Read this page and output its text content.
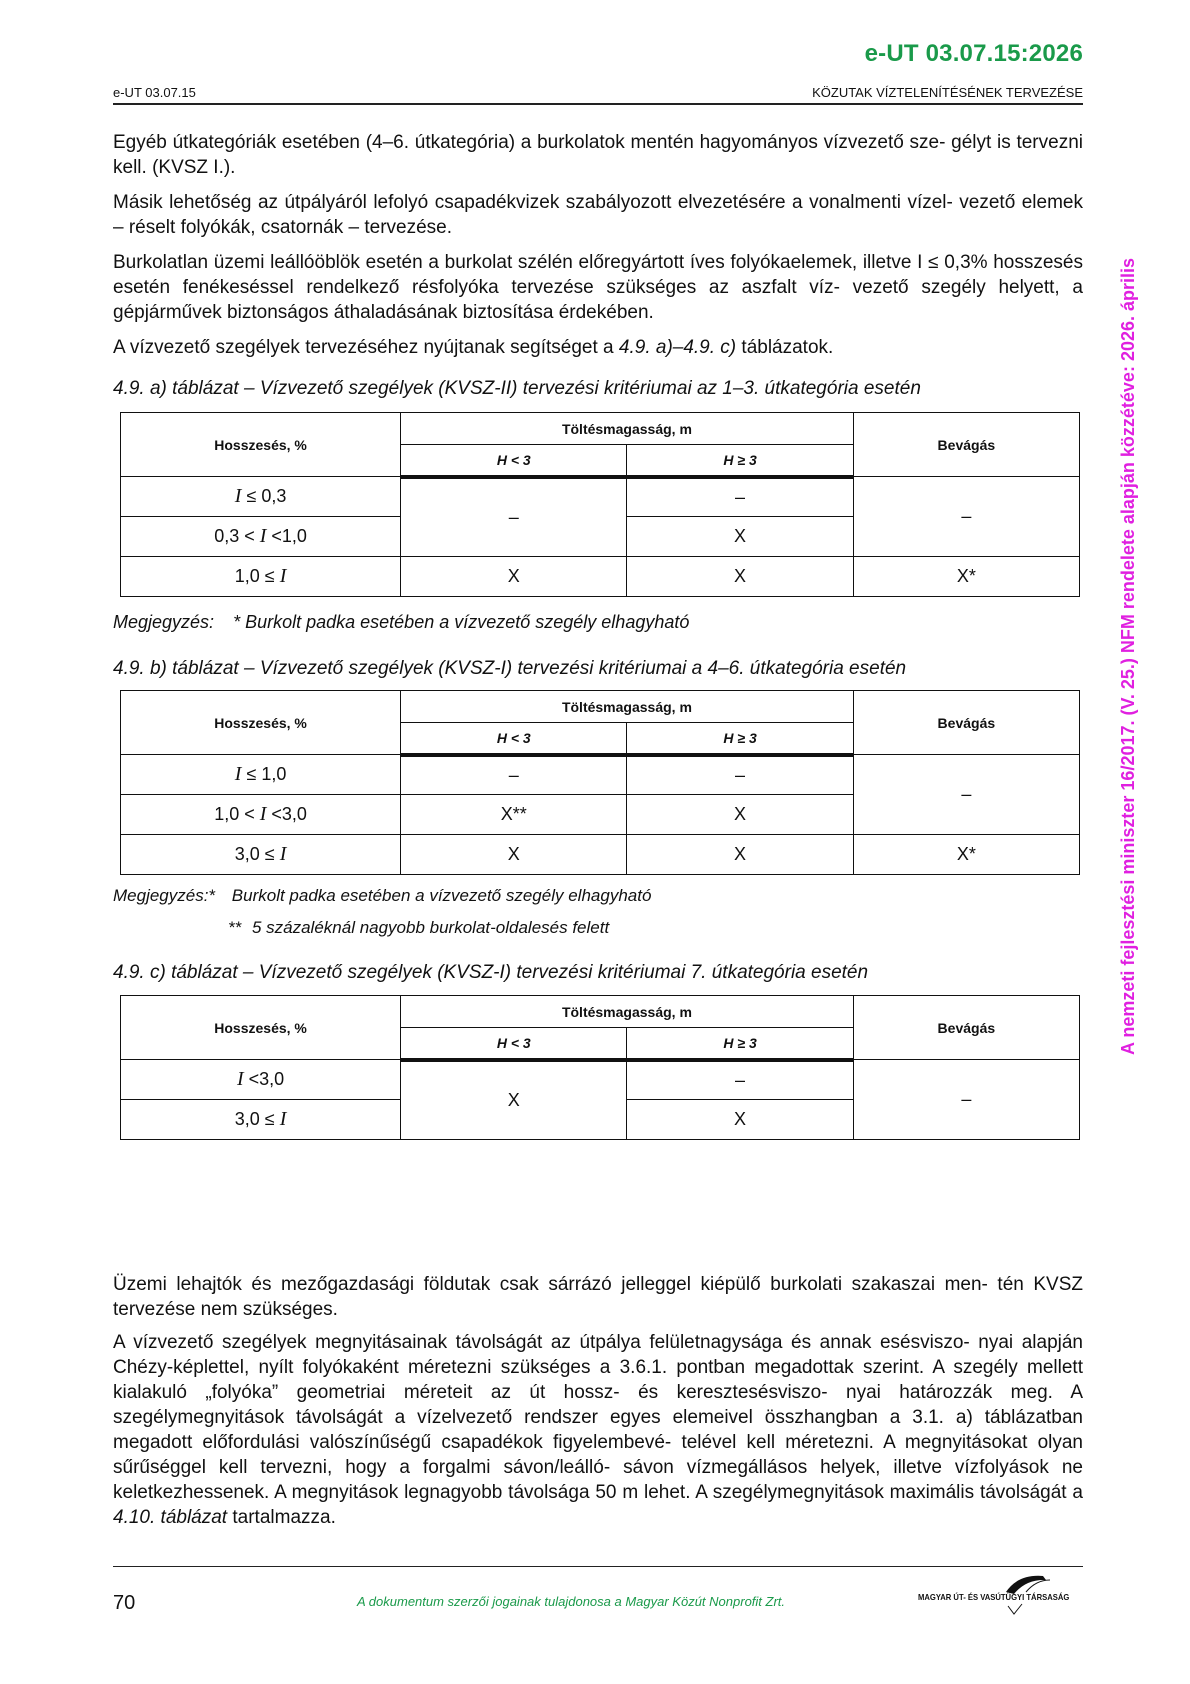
e-UT 03.07.15:2026
e-UT 03.07.15	KÖZUTAK VÍZTELENÍTÉSÉNEK TERVEZÉSE
A nemzeti fejlesztési miniszter 16/2017. (V. 25.) NFM rendelete alapján közzétéve: 2026. április

Egyéb útkategóriák esetében (4–6. útkategória) a burkolatok mentén hagyományos vízvezető sze- gélyt is tervezni kell. (KVSZ I.).

Másik lehetőség az útpályáról lefolyó csapadékvizek szabályozott elvezetésére a vonalmenti vízel- vezető elemek – réselt folyókák, csatornák – tervezése.

Burkolatlan üzemi leállóöblök esetén a burkolat szélén előregyártott íves folyókaelemek, illetve I ≤ 0,3% hosszesés esetén fenékeséssel rendelkező résfolyóka tervezése szükséges az aszfalt víz- vezető szegély helyett, a gépjárművek biztonságos áthaladásának biztosítása érdekében.

A vízvezető szegélyek tervezéséhez nyújtanak segítséget a 4.9. a)–4.9. c) táblázatok.

4.9. a) táblázat – Vízvezető szegélyek (KVSZ-II) tervezési kritériumai az 1–3. útkategória esetén
Hosszesés, %	Töltésmagasság, m		Bevágás
	H < 3	H ≥ 3	
I ≤ 0,3	–	–	–
0,3 < I <1,0		X	
1,0 ≤ I	X	X	X*
Megjegyzés: * Burkolt padka esetében a vízvezető szegély elhagyható
4.9. b) táblázat – Vízvezető szegélyek (KVSZ-I) tervezési kritériumai a 4–6. útkategória esetén
Hosszesés, %	Töltésmagasság, m		Bevágás
	H < 3	H ≥ 3	
I ≤ 1,0	–	–	–
1,0 < I <3,0	X**	X	
3,0 ≤ I	X	X	X*
Megjegyzés:* Burkolt padka esetében a vízvezető szegély elhagyható
** 5 százaléknál nagyobb burkolat-oldalesés felett
4.9. c) táblázat – Vízvezető szegélyek (KVSZ-I) tervezési kritériumai 7. útkategória esetén
Hosszesés, %	Töltésmagasság, m		Bevágás
	H < 3	H ≥ 3	
I <3,0	X	–	–
3,0 ≤ I		X	

Üzemi lehajtók és mezőgazdasági földutak csak sárrázó jelleggel kiépülő burkolati szakaszai men- tén KVSZ tervezése nem szükséges.

A vízvezető szegélyek megnyitásainak távolságát az útpálya felületnagysága és annak esésviszo- nyai alapján Chézy-képlettel, nyílt folyókaként méretezni szükséges a 3.6.1. pontban megadottak szerint. A szegély mellett kialakuló „folyóka” geometriai méreteit az út hossz- és keresztesésviszo- nyai határozzák meg. A szegélymegnyitások távolságát a vízelvezető rendszer egyes elemeivel összhangban a 3.1. a) táblázatban megadott előfordulási valószínűségű csapadékok figyelembevé- telével kell méretezni. A megnyitásokat olyan sűrűséggel kell tervezni, hogy a forgalmi sávon/leálló- sávon vízmegállásos helyek, illetve vízfolyások ne keletkezhessenek. A megnyitások legnagyobb távolsága 50 m lehet. A szegélymegnyitások maximális távolságát a 4.10. táblázat tartalmazza.

70	A dokumentum szerzői jogainak tulajdonosa a Magyar Közút Nonprofit Zrt.	MAGYAR ÚT- ÉS VASÚTÜGYI TÁRSASÁG
